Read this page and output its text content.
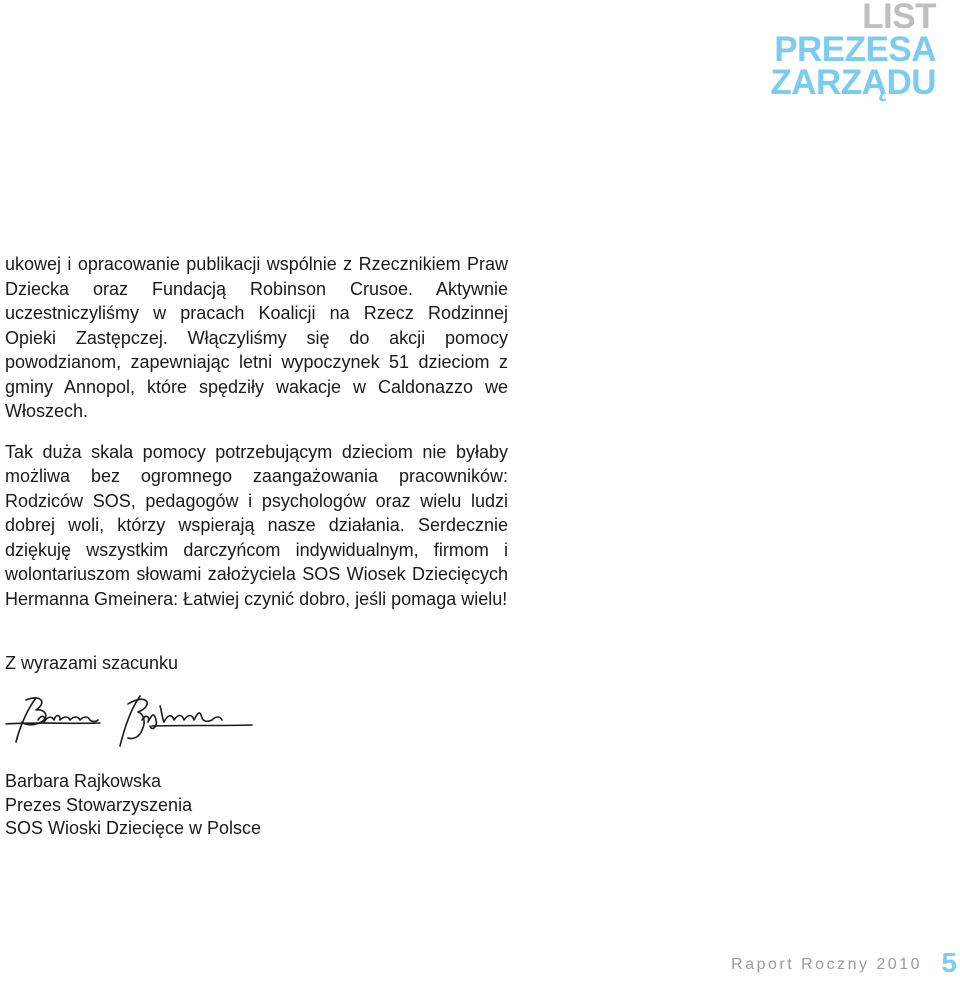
LIST
PREZESA
ZARZĄDU

ukowej i opracowanie publikacji wspólnie z Rzecznikiem Praw Dziecka oraz Fundacją Robinson Crusoe. Aktywnie uczestniczyliśmy w pracach Koalicji na Rzecz Rodzinnej Opieki Zastępczej. Włączyliśmy się do akcji pomocy powodzianom, zapewniając letni wypoczynek 51 dzieciom z gminy Annopol, które spędziły wakacje w Caldonazzo we Włoszech.

Tak duża skala pomocy potrzebującym dzieciom nie byłaby możliwa bez ogromnego zaangażowania pracowników: Rodziców SOS, pedagogów i psychologów oraz wielu ludzi dobrej woli, którzy wspierają nasze działania. Serdecznie dziękuję wszystkim darczyńcom indywidualnym, firmom i wolontariuszom słowami założyciela SOS Wiosek Dziecięcych Hermanna Gmeinera: Łatwiej czynić dobro, jeśli pomaga wielu!

Z wyrazami szacunku
Barbara Rajkowska
Prezes Stowarzyszenia
SOS Wioski Dziecięce w Polsce
Raport Roczny 2010 5
